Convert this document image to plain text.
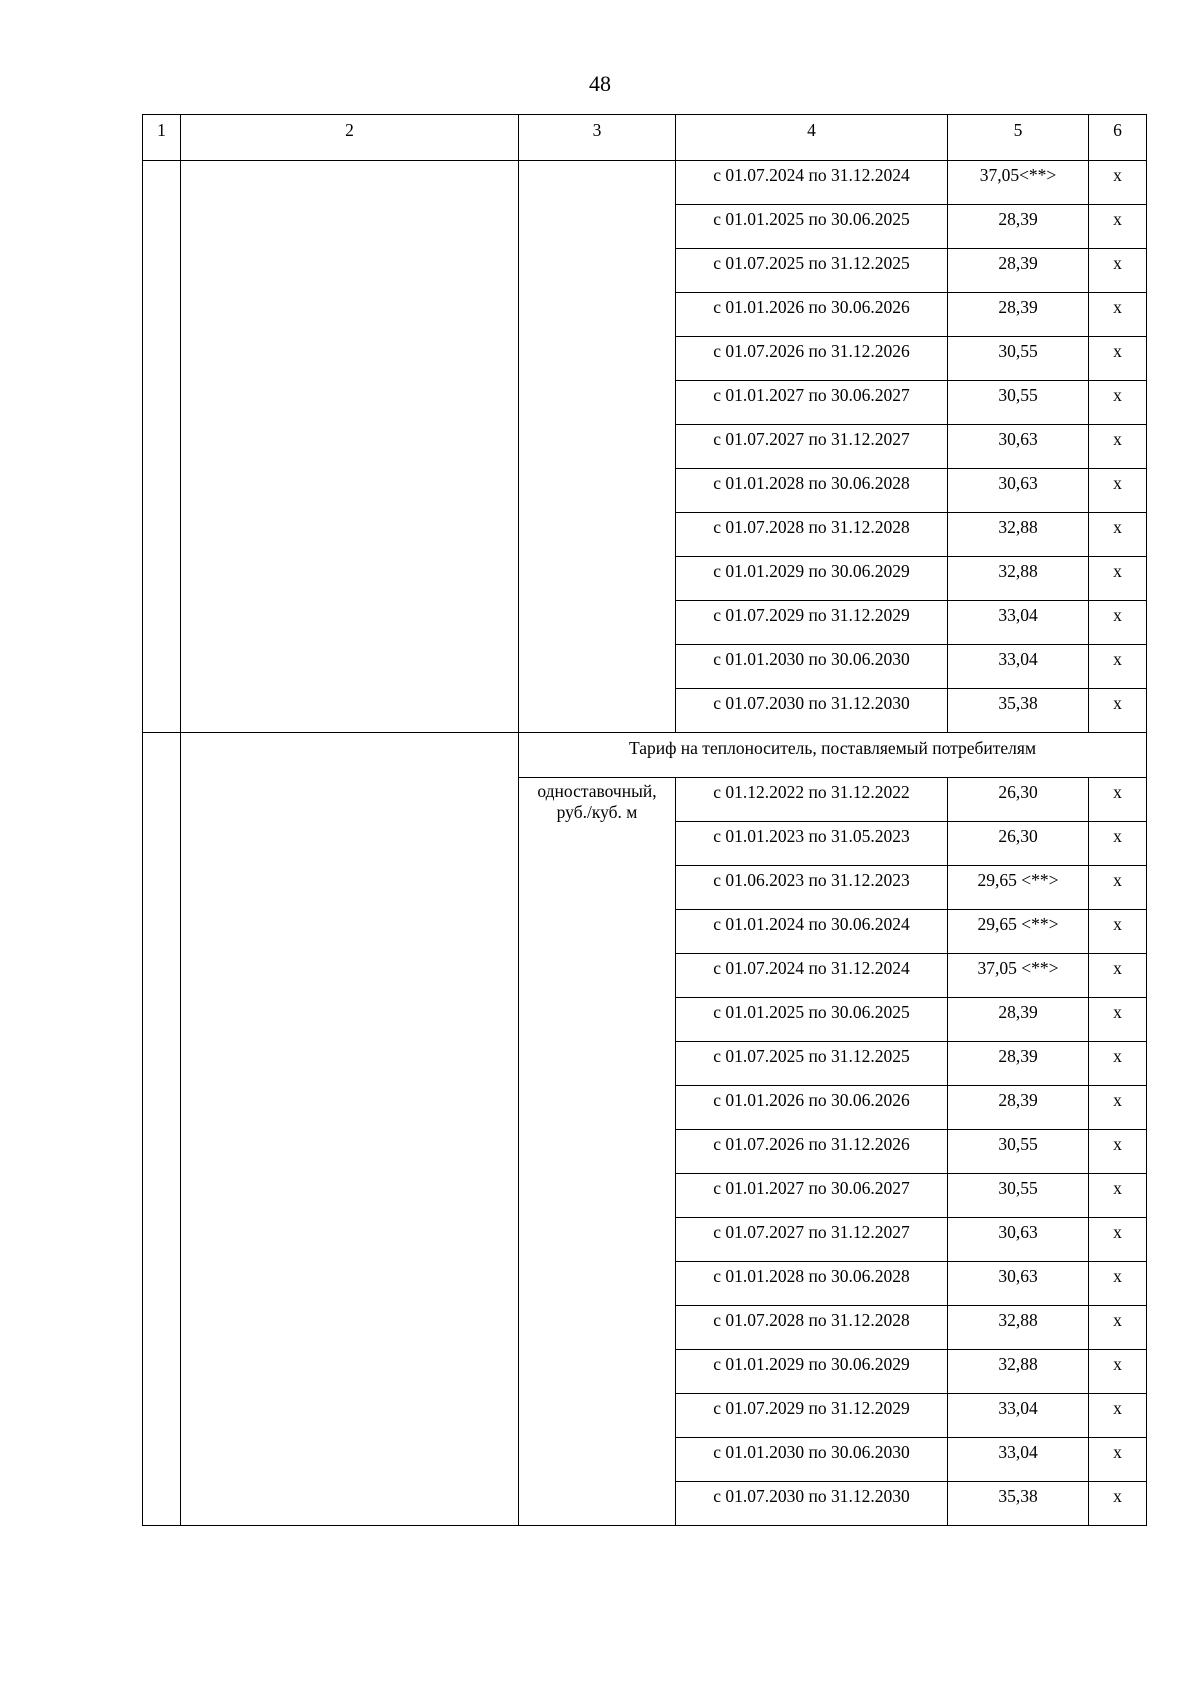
48
1	2	3	4	5	6
			с 01.07.2024 по 31.12.2024	37,05<**>	х
			с 01.01.2025 по 30.06.2025	28,39	х
			с 01.07.2025 по 31.12.2025	28,39	х
			с 01.01.2026 по 30.06.2026	28,39	х
			с 01.07.2026 по 31.12.2026	30,55	х
			с 01.01.2027 по 30.06.2027	30,55	х
			с 01.07.2027 по 31.12.2027	30,63	х
			с 01.01.2028 по 30.06.2028	30,63	х
			с 01.07.2028 по 31.12.2028	32,88	х
			с 01.01.2029 по 30.06.2029	32,88	х
			с 01.07.2029 по 31.12.2029	33,04	х
			с 01.01.2030 по 30.06.2030	33,04	х
			с 01.07.2030 по 31.12.2030	35,38	х
		Тариф на теплоноситель, поставляемый потребителям			
		одноставочный, руб./куб. м	с 01.12.2022 по 31.12.2022	26,30	х
			с 01.01.2023 по 31.05.2023	26,30	х
			с 01.06.2023 по 31.12.2023	29,65 <**>	х
			с 01.01.2024 по 30.06.2024	29,65 <**>	х
			с 01.07.2024 по 31.12.2024	37,05 <**>	х
			с 01.01.2025 по 30.06.2025	28,39	х
			с 01.07.2025 по 31.12.2025	28,39	х
			с 01.01.2026 по 30.06.2026	28,39	х
			с 01.07.2026 по 31.12.2026	30,55	х
			с 01.01.2027 по 30.06.2027	30,55	х
			с 01.07.2027 по 31.12.2027	30,63	х
			с 01.01.2028 по 30.06.2028	30,63	х
			с 01.07.2028 по 31.12.2028	32,88	х
			с 01.01.2029 по 30.06.2029	32,88	х
			с 01.07.2029 по 31.12.2029	33,04	х
			с 01.01.2030 по 30.06.2030	33,04	х
			с 01.07.2030 по 31.12.2030	35,38	х
